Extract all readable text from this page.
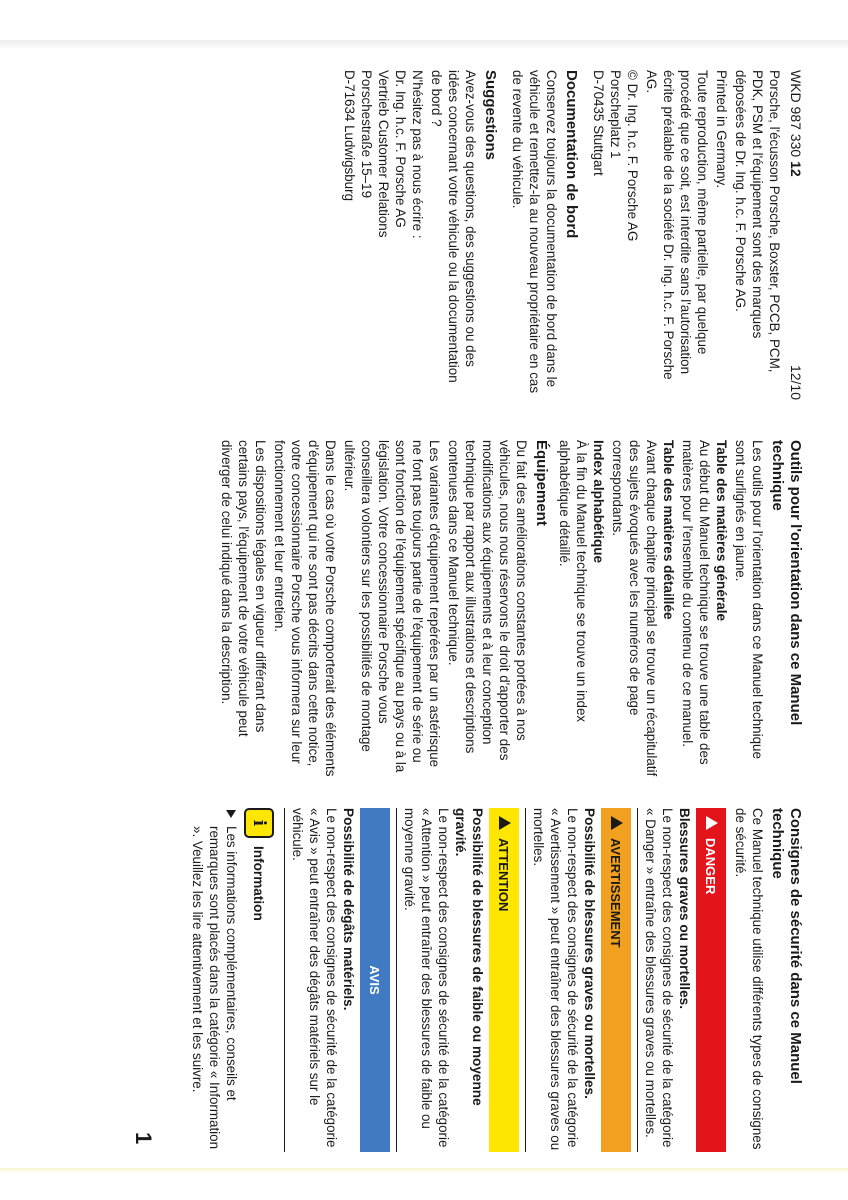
WKD 987 330 12
12/10

Porsche, l'écusson Porsche, Boxster, PCCB, PCM, PDK, PSM et l'équipement sont des marques déposées de Dr. Ing. h.c. F. Porsche AG.

Printed in Germany.

Toute reproduction, même partielle, par quelque procédé que ce soit, est interdite sans l'autorisation écrite préalable de la société Dr. Ing. h.c. F. Porsche AG.

© Dr. Ing. h.c. F. Porsche AG

Porscheplatz 1

D-70435 Stuttgart

Documentation de bord

Conservez toujours la documentation de bord dans le véhicule et remettez-la au nouveau propriétaire en cas de revente du véhicule.

Suggestions

Avez-vous des questions, des suggestions ou des idées concernant votre véhicule ou la documentation de bord ?

N'hésitez pas à nous écrire :

Dr. Ing. h.c. F. Porsche AG

Vertrieb Customer Relations

Porschestraße 15–19

D-71634 Ludwigsburg

Outils pour l'orientation dans ce Manuel technique

Les outils pour l'orientation dans ce Manuel technique sont surlignés en jaune.

Table des matières générale

Au début du Manuel technique se trouve une table des matières pour l'ensemble du contenu de ce manuel.

Table des matières détaillée

Avant chaque chapitre principal se trouve un récapitulatif des sujets évoqués avec les numéros de page correspondants.

Index alphabétique

À la fin du Manuel technique se trouve un index alphabétique détaillé.

Équipement

Du fait des améliorations constantes portées à nos véhicules, nous nous réservons le droit d'apporter des modifications aux équipements et à leur conception technique par rapport aux illustrations et descriptions contenues dans ce Manuel technique.

Les variantes d'équipement repérées par un astérisque ne font pas toujours partie de l'équipement de série ou sont fonction de l'équipement spécifique au pays ou à la législation. Votre concessionnaire Porsche vous conseillera volontiers sur les possibilités de montage ultérieur.

Dans le cas où votre Porsche comporterait des éléments d'équipement qui ne sont pas décrits dans cette notice, votre concessionnaire Porsche vous informera sur leur fonctionnement et leur entretien.

Les dispositions légales en vigueur différant dans certains pays, l'équipement de votre véhicule peut diverger de celui indiqué dans la description.

Consignes de sécurité dans ce Manuel technique

Ce Manuel technique utilise différents types de consignes de sécurité.

DANGER
Blessures graves ou mortelles.

Le non-respect des consignes de sécurité de la catégorie « Danger » entraîne des blessures graves ou mortelles.

AVERTISSEMENT
Possibilité de blessures graves ou mortelles.

Le non-respect des consignes de sécurité de la catégorie « Avertissement » peut entraîner des blessures graves ou mortelles.

ATTENTION
Possibilité de blessures de faible ou moyenne gravité.

Le non-respect des consignes de sécurité de la catégorie « Attention » peut entraîner des blessures de faible ou moyenne gravité.

AVIS
Possibilité de dégâts matériels.

Le non-respect des consignes de sécurité de la catégorie « Avis » peut entraîner des dégâts matériels sur le véhicule.

i
Information

Les informations complémentaires, conseils et remarques sont placés dans la catégorie « Information ». Veuillez les lire attentivement et les suivre.

1
